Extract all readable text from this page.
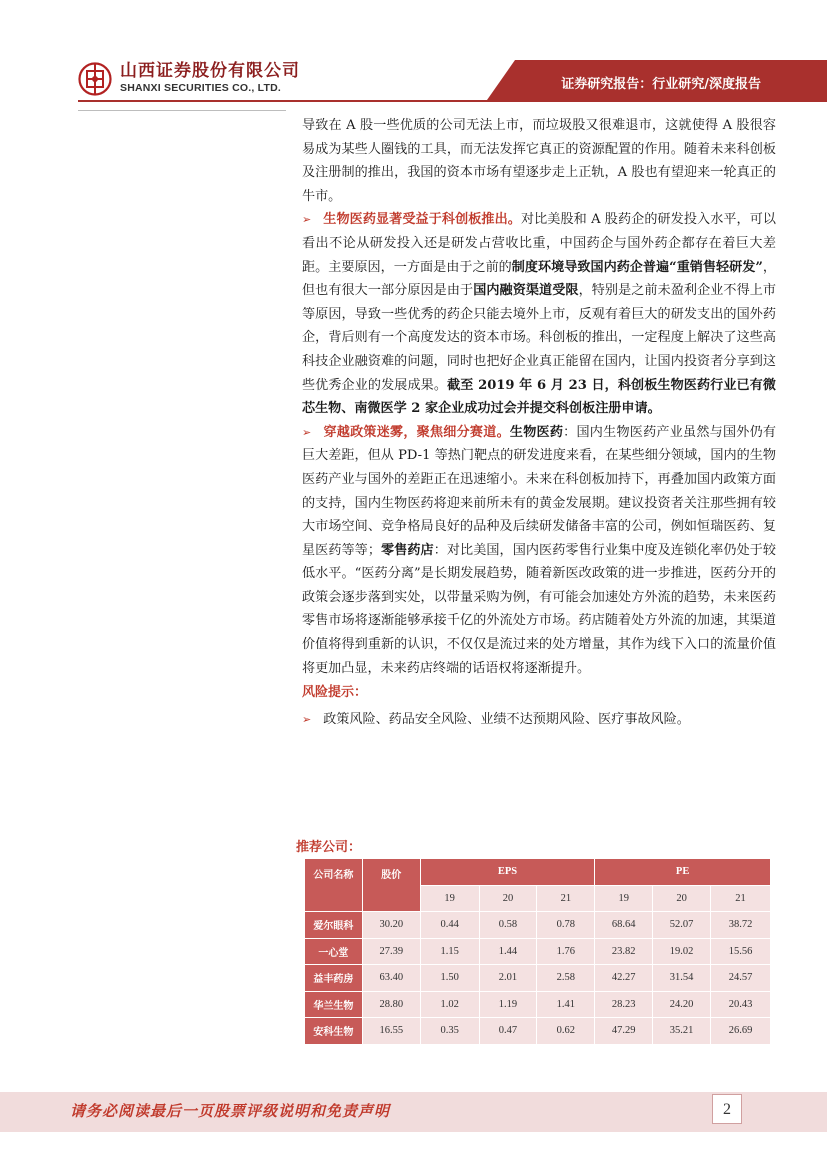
山西证券股份有限公司
SHANXI SECURITIES CO., LTD.	证券研究报告：行业研究/深度报告

导致在 A 股一些优质的公司无法上市，而垃圾股又很难退市，这就使得 A 股很容易成为某些人圈钱的工具，而无法发挥它真正的资源配置的作用。随着未来科创板及注册制的推出，我国的资本市场有望逐步走上正轨，A 股也有望迎来一轮真正的牛市。

➢ 生物医药显著受益于科创板推出。对比美股和 A 股药企的研发投入水平，可以看出不论从研发投入还是研发占营收比重，中国药企与国外药企都存在着巨大差距。主要原因，一方面是由于之前的制度环境导致国内药企普遍“重销售轻研发”，但也有很大一部分原因是由于国内融资渠道受限，特别是之前未盈利企业不得上市等原因，导致一些优秀的药企只能去境外上市，反观有着巨大的研发支出的国外药企，背后则有一个高度发达的资本市场。科创板的推出，一定程度上解决了这些高科技企业融资难的问题，同时也把好企业真正能留在国内，让国内投资者分享到这些优秀企业的发展成果。截至 2019 年 6 月 23 日，科创板生物医药行业已有微芯生物、南微医学 2 家企业成功过会并提交科创板注册申请。

➢ 穿越政策迷雾，聚焦细分赛道。生物医药：国内生物医药产业虽然与国外仍有巨大差距，但从 PD-1 等热门靶点的研发进度来看，在某些细分领域，国内的生物医药产业与国外的差距正在迅速缩小。未来在科创板加持下，再叠加国内政策方面的支持，国内生物医药将迎来前所未有的黄金发展期。建议投资者关注那些拥有较大市场空间、竞争格局良好的品种及后续研发储备丰富的公司，例如恒瑞医药、复星医药等等；零售药店：对比美国，国内医药零售行业集中度及连锁化率仍处于较低水平。“医药分离”是长期发展趋势，随着新医改政策的进一步推进，医药分开的政策会逐步落到实处，以带量采购为例，有可能会加速处方外流的趋势，未来医药零售市场将逐渐能够承接千亿的外流处方市场。药店随着处方外流的加速，其渠道价值将得到重新的认识，不仅仅是流过来的处方增量，其作为线下入口的流量价值将更加凸显，未来药店终端的话语权将逐渐提升。

风险提示：

➢ 政策风险、药品安全风险、业绩不达预期风险、医疗事故风险。

推荐公司：
公司名称	股价	EPS			PE		
		19	20	21	19	20	21
爱尔眼科	30.20	0.44	0.58	0.78	68.64	52.07	38.72
一心堂	27.39	1.15	1.44	1.76	23.82	19.02	15.56
益丰药房	63.40	1.50	2.01	2.58	42.27	31.54	24.57
华兰生物	28.80	1.02	1.19	1.41	28.23	24.20	20.43
安科生物	16.55	0.35	0.47	0.62	47.29	35.21	26.69
请务必阅读最后一页股票评级说明和免责声明	2
